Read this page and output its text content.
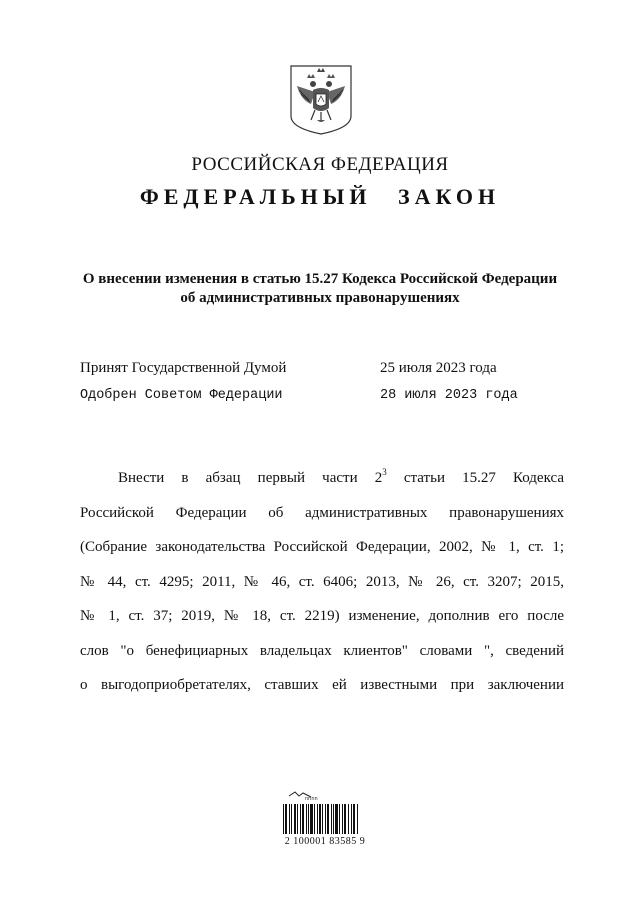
РОССИЙСКАЯ ФЕДЕРАЦИЯ
ФЕДЕРАЛЬНЫЙ ЗАКОН
О внесении изменения в статью 15.27 Кодекса Российской Федерации
об административных правонарушениях
Принят Государственной Думой	25 июля 2023 года
Одобрен Советом Федерации	28 июля 2023 года
Внести в абзац первый части $2^3$ статьи 15.27 Кодекса
Российской Федерации об административных правонарушениях
(Собрание законодательства Российской Федерации, 2002, № 1, ст. 1;
№ 44, ст. 4295; 2011, № 46, ст. 6406; 2013, № 26, ст. 3207; 2015,
№ 1, ст. 37; 2019, № 18, ст. 2219) изменение, дополнив его после
слов "о бенефициарных владельцах клиентов" словами ", сведений
о выгодоприобретателях, ставших ей известными при заключении
nnnn
2 100001 83585 9
